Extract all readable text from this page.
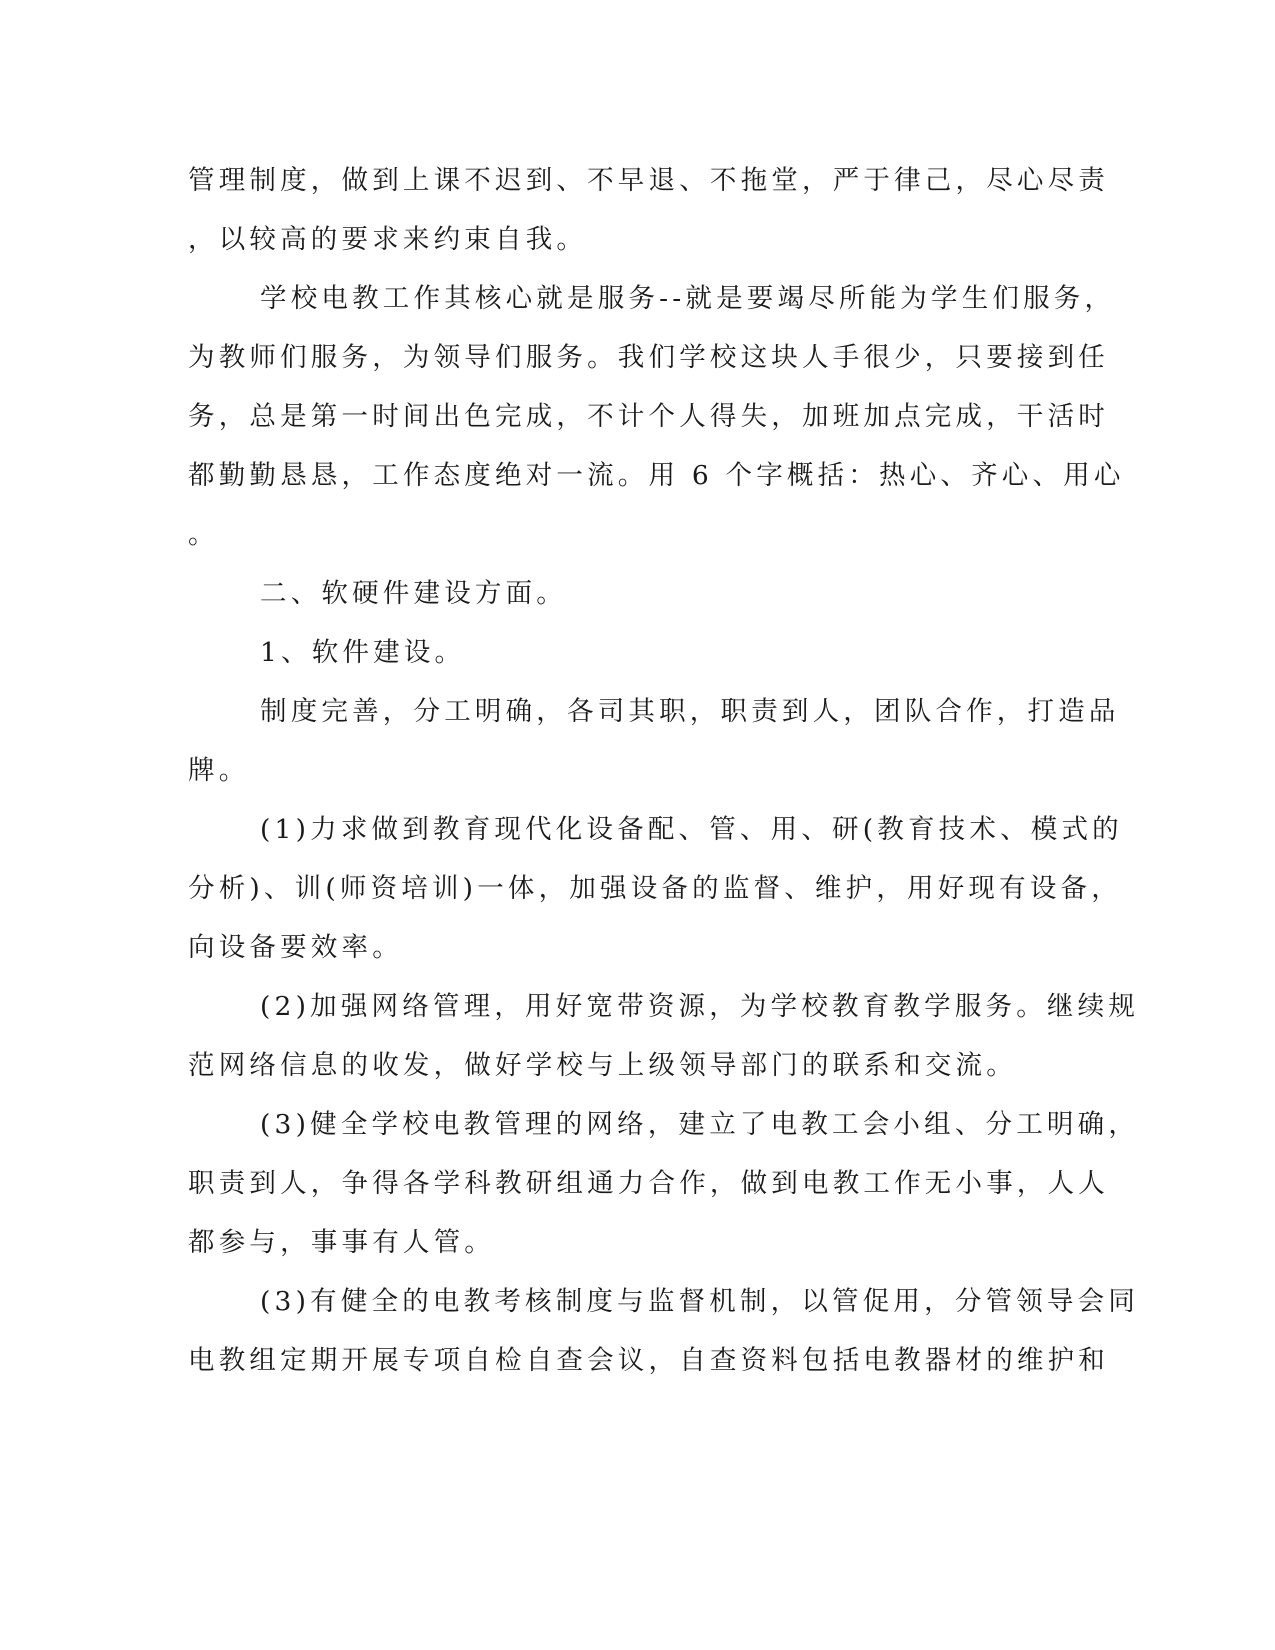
管理制度，做到上课不迟到、不早退、不拖堂，严于律己，尽心尽责
，以较高的要求来约束自我。
学校电教工作其核心就是服务--就是要竭尽所能为学生们服务，
为教师们服务，为领导们服务。我们学校这块人手很少，只要接到任
务，总是第一时间出色完成，不计个人得失，加班加点完成，干活时
都勤勤恳恳，工作态度绝对一流。用 6 个字概括：热心、齐心、用心
。
二、软硬件建设方面。
1、软件建设。
制度完善，分工明确，各司其职，职责到人，团队合作，打造品
牌。
(1)力求做到教育现代化设备配、管、用、研(教育技术、模式的
分析)、训(师资培训)一体，加强设备的监督、维护，用好现有设备，
向设备要效率。
(2)加强网络管理，用好宽带资源，为学校教育教学服务。继续规
范网络信息的收发，做好学校与上级领导部门的联系和交流。
(3)健全学校电教管理的网络，建立了电教工会小组、分工明确，
职责到人，争得各学科教研组通力合作，做到电教工作无小事，人人
都参与，事事有人管。
(3)有健全的电教考核制度与监督机制，以管促用，分管领导会同
电教组定期开展专项自检自查会议，自查资料包括电教器材的维护和
